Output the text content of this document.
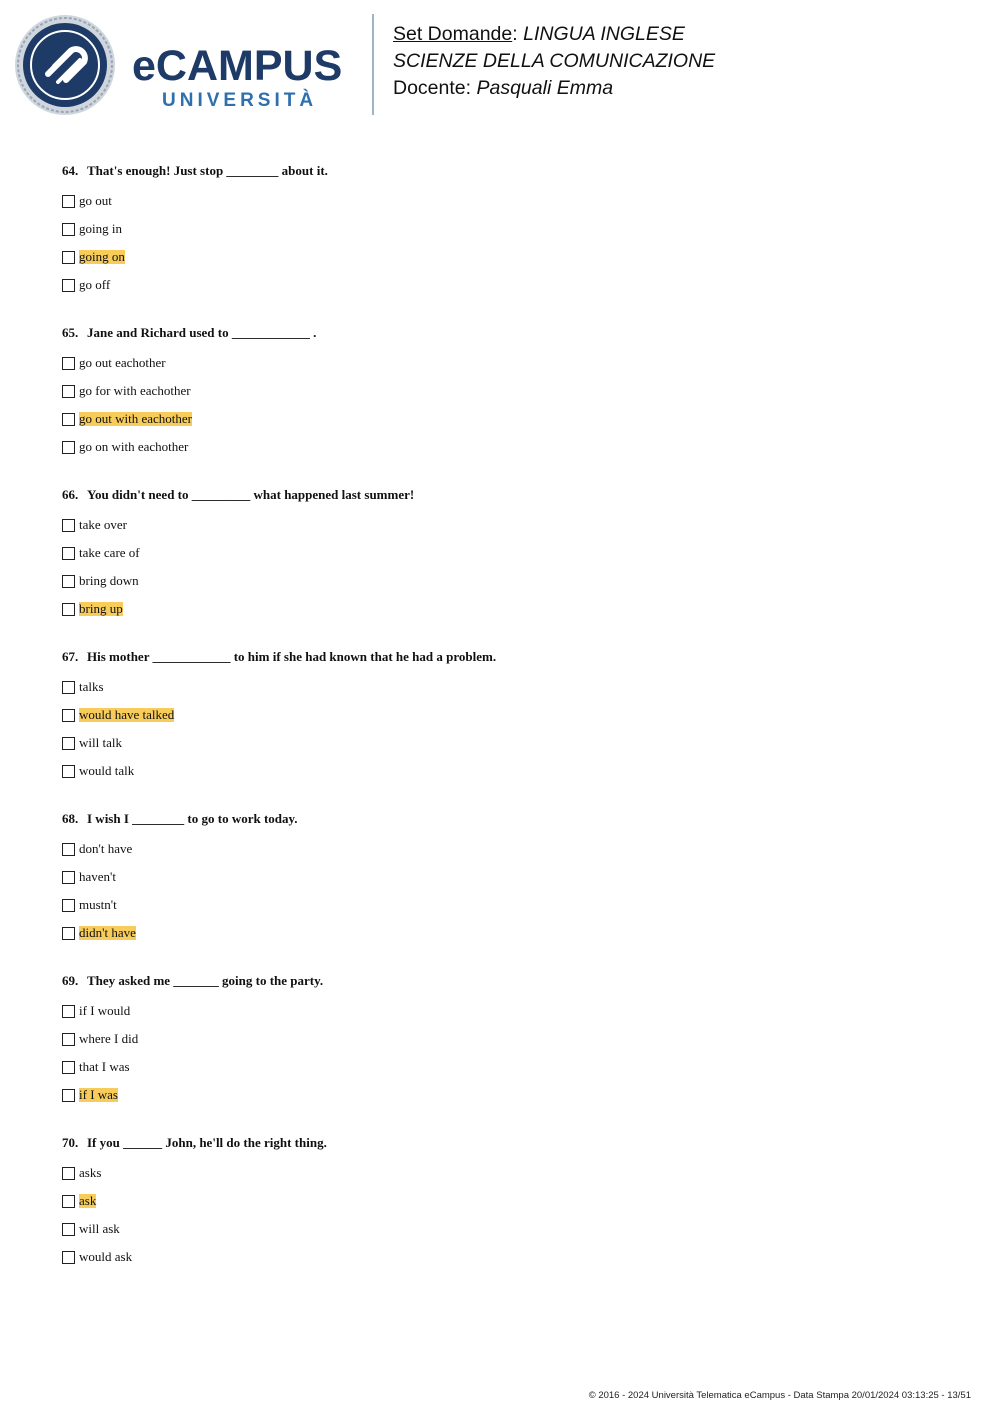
eCAMPUS
UNIVERSITÀ
Set Domande: LINGUA INGLESE
SCIENZE DELLA COMUNICAZIONE
Docente: Pasquali Emma
64. That's enough! Just stop ________ about it.
go out
going in
going on
go off
65. Jane and Richard used to ____________ .
go out eachother
go for with eachother
go out with eachother
go on with eachother
66. You didn't need to _________ what happened last summer!
take over
take care of
bring down
bring up
67. His mother ____________ to him if she had known that he had a problem.
talks
would have talked
will talk
would talk
68. I wish I ________ to go to work today.
don't have
haven't
mustn't
didn't have
69. They asked me _______ going to the party.
if I would
where I did
that I was
if I was
70. If you ______ John, he'll do the right thing.
asks
ask
will ask
would ask
© 2016 - 2024 Università Telematica eCampus - Data Stampa 20/01/2024 03:13:25 - 13/51
